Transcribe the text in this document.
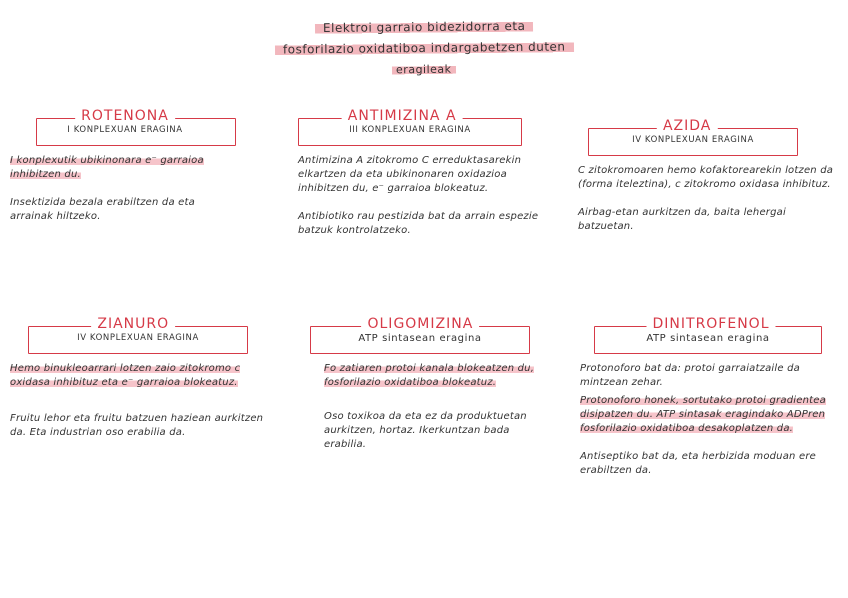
Elektroi garraio bidezidorra eta
fosforilazio oxidatiboa indargabetzen duten
eragileak
ROTENONA
I KONPLEXUAN ERAGINA

I konplexutik ubikinonara e⁻ garraioa inhibitzen du.

Insektizida bezala erabiltzen da eta arrainak hiltzeko.

ANTIMIZINA A
III KONPLEXUAN ERAGINA

Antimizina A zitokromo C erreduktasarekin elkartzen da eta ubikinonaren oxidazioa inhibitzen du, e⁻ garraioa blokeatuz.

Antibiotiko rau pestizida bat da arrain espezie batzuk kontrolatzeko.

AZIDA
IV KONPLEXUAN ERAGINA

C zitokromoaren hemo kofaktorearekin lotzen da (forma iteleztina), c zitokromo oxidasa inhibituz.

Airbag-etan aurkitzen da, baita lehergai batzuetan.

ZIANURO
IV KONPLEXUAN ERAGINA

Hemo binukleoarrari lotzen zaio zitokromo c oxidasa inhibituz eta e⁻ garraioa blokeatuz.

Fruitu lehor eta fruitu batzuen haziean aurkitzen da. Eta industrian oso erabilia da.

OLIGOMIZINA
ATP sintasean eragina

Fo zatiaren protoi kanala blokeatzen du, fosforilazio oxidatiboa blokeatuz.

Oso toxikoa da eta ez da produktuetan aurkitzen, hortaz. Ikerkuntzan bada erabilia.

DINITROFENOL
ATP sintasean eragina

Protonoforo bat da: protoi garraiatzaile da mintzean zehar.

Protonoforo honek, sortutako protoi gradientea disipatzen du. ATP sintasak eragindako ADPren fosforilazio oxidatiboa desakoplatzen da.

Antiseptiko bat da, eta herbizida moduan ere erabiltzen da.
